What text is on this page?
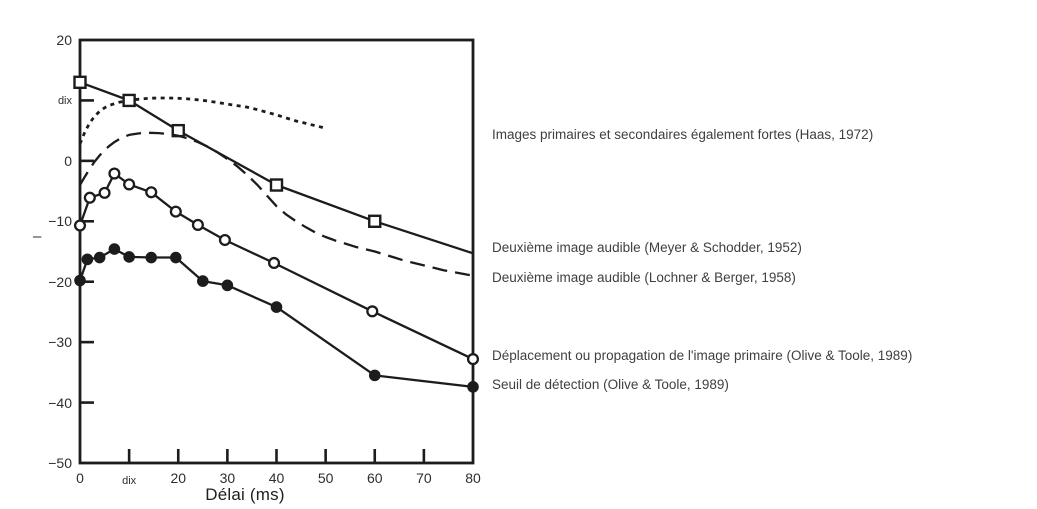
20
dix
0
−10
−20
−30
−40
−50
0	dix	20	30	40	50	60	70	80
–
Délai (ms)
Images primaires et secondaires également fortes (Haas, 1972)
Deuxième image audible (Meyer & Schodder, 1952)
Deuxième image audible (Lochner & Berger, 1958)
Déplacement ou propagation de l'image primaire (Olive & Toole, 1989)
Seuil de détection (Olive & Toole, 1989)
